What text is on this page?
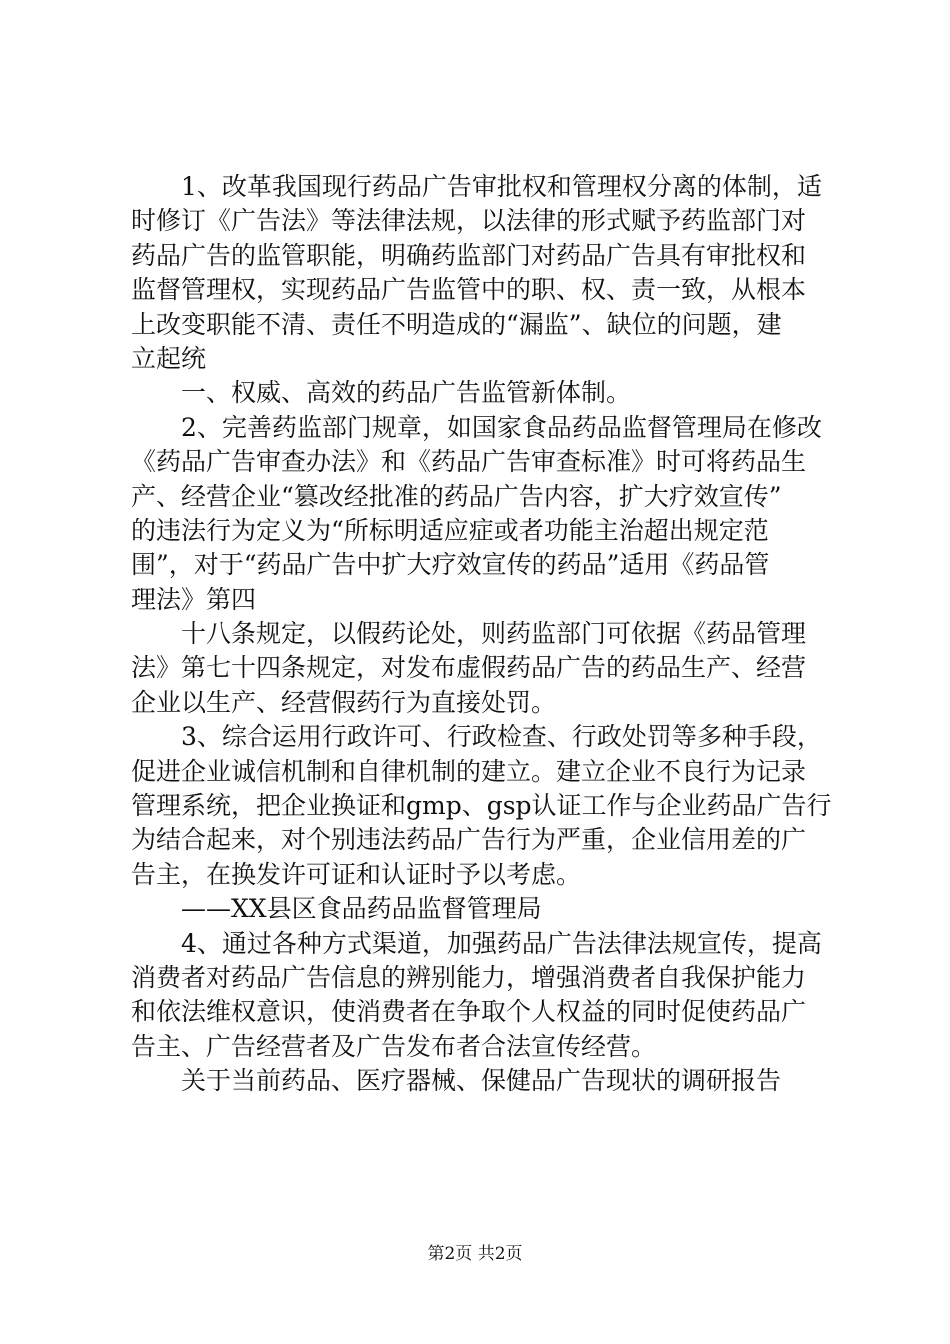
　　1、改革我国现行药品广告审批权和管理权分离的体制，适
时修订《广告法》等法律法规，以法律的形式赋予药监部门对
药品广告的监管职能，明确药监部门对药品广告具有审批权和
监督管理权，实现药品广告监管中的职、权、责一致，从根本
上改变职能不清、责任不明造成的“漏监”、缺位的问题，建
立起统
　　一、权威、高效的药品广告监管新体制。
　　2、完善药监部门规章，如国家食品药品监督管理局在修改
《药品广告审查办法》和《药品广告审查标准》时可将药品生
产、经营企业“篡改经批准的药品广告内容，扩大疗效宣传”
的违法行为定义为“所标明适应症或者功能主治超出规定范
围”，对于“药品广告中扩大疗效宣传的药品”适用《药品管
理法》第四
　　十八条规定，以假药论处，则药监部门可依据《药品管理
法》第七十四条规定，对发布虚假药品广告的药品生产、经营
企业以生产、经营假药行为直接处罚。
　　3、综合运用行政许可、行政检查、行政处罚等多种手段，
促进企业诚信机制和自律机制的建立。建立企业不良行为记录
管理系统，把企业换证和gmp、gsp认证工作与企业药品广告行
为结合起来，对个别违法药品广告行为严重，企业信用差的广
告主，在换发许可证和认证时予以考虑。
　　——XX县区食品药品监督管理局
　　4、通过各种方式渠道，加强药品广告法律法规宣传，提高
消费者对药品广告信息的辨别能力，增强消费者自我保护能力
和依法维权意识，使消费者在争取个人权益的同时促使药品广
告主、广告经营者及广告发布者合法宣传经营。
　　关于当前药品、医疗器械、保健品广告现状的调研报告
第2页 共2页
